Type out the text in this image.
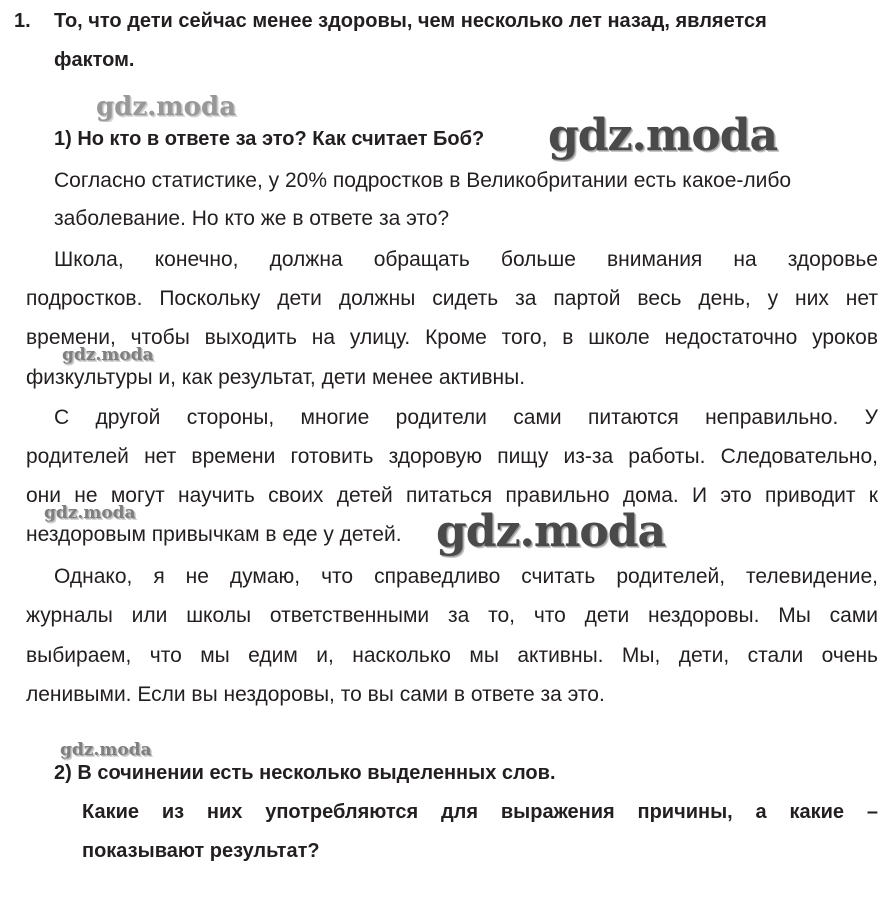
1. То, что дети сейчас менее здоровы, чем несколько лет назад, является
фактом.
1) Но кто в ответе за это? Как считает Боб?
Согласно статистике, у 20% подростков в Великобритании есть какое-либо
заболевание. Но кто же в ответе за это?
Школа, конечно, должна обращать больше внимания на здоровье
подростков. Поскольку дети должны сидеть за партой весь день, у них нет
времени, чтобы выходить на улицу. Кроме того, в школе недостаточно уроков
физкультуры и, как результат, дети менее активны.
С другой стороны, многие родители сами питаются неправильно. У
родителей нет времени готовить здоровую пищу из-за работы. Следовательно,
они не могут научить своих детей питаться правильно дома. И это приводит к
нездоровым привычкам в еде у детей.
Однако, я не думаю, что справедливо считать родителей, телевидение,
журналы или школы ответственными за то, что дети нездоровы. Мы сами
выбираем, что мы едим и, насколько мы активны. Мы, дети, стали очень
ленивыми. Если вы нездоровы, то вы сами в ответе за это.
2) В сочинении есть несколько выделенных слов.
Какие из них употребляются для выражения причины, а какие –
показывают результат?
gdz.moda
gdz.moda
gdz.moda
gdz.moda	gdz.moda
gdz.moda
